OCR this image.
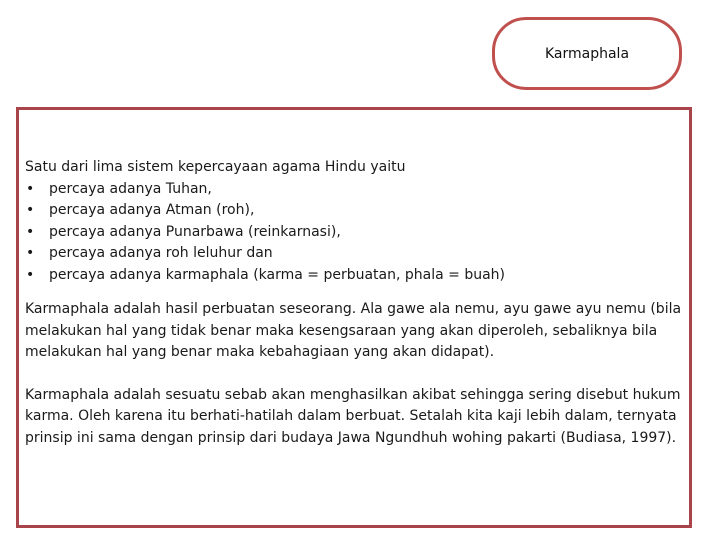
Karmaphala

Satu dari lima sistem kepercayaan agama Hindu yaitu

• percaya adanya Tuhan,
• percaya adanya Atman (roh),
• percaya adanya Punarbawa (reinkarnasi),
• percaya adanya roh leluhur dan
• percaya adanya karmaphala (karma = perbuatan, phala = buah)

Karmaphala adalah hasil perbuatan seseorang. Ala gawe ala nemu, ayu gawe ayu nemu (bila melakukan hal yang tidak benar maka kesengsaraan yang akan diperoleh, sebaliknya bila melakukan hal yang benar maka kebahagiaan yang akan didapat).

Karmaphala adalah sesuatu sebab akan menghasilkan akibat sehingga sering disebut hukum karma. Oleh karena itu berhati-hatilah dalam berbuat. Setalah kita kaji lebih dalam, ternyata prinsip ini sama dengan prinsip dari budaya Jawa Ngundhuh wohing pakarti (Budiasa, 1997).
